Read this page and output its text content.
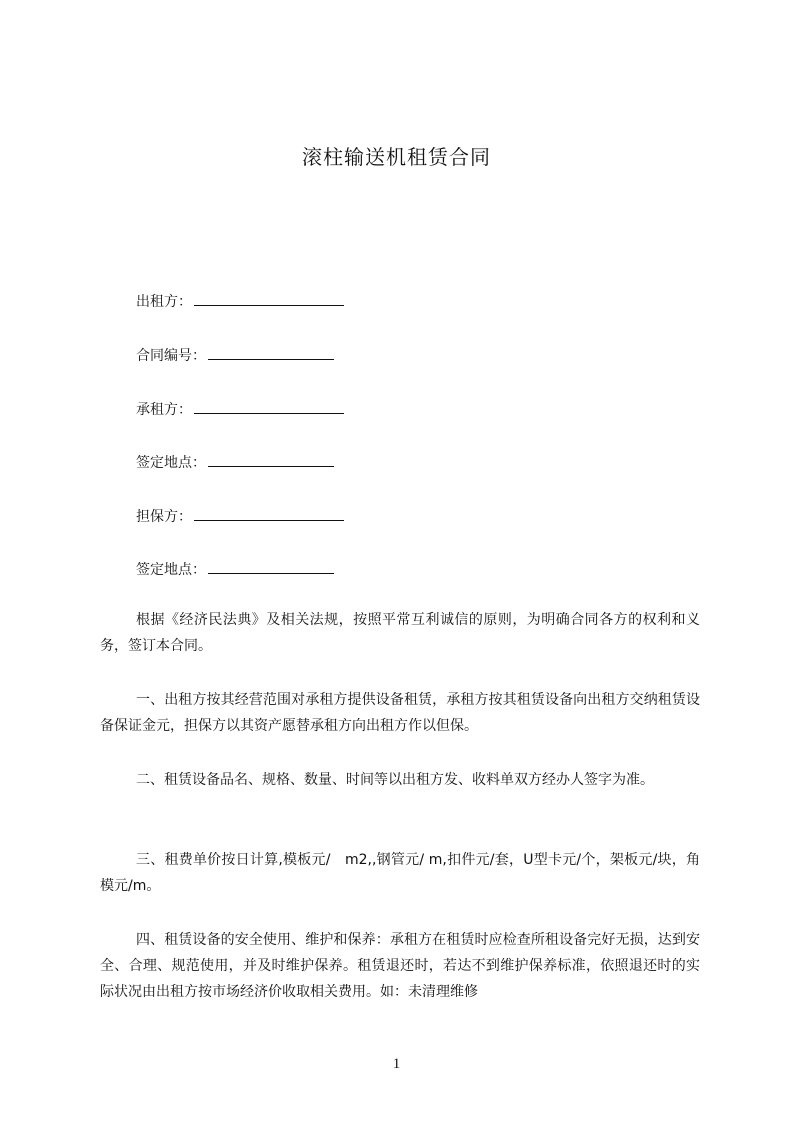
滚柱输送机租赁合同
出租方：
合同编号：
承租方：
签定地点：
担保方：
签定地点：

根据《经济民法典》及相关法规，按照平常互利诚信的原则，为明确合同各方的权利和义务，签订本合同。

一、出租方按其经营范围对承租方提供设备租赁，承租方按其租赁设备向出租方交纳租赁设备保证金元，担保方以其资产愿替承租方向出租方作以但保。

二、租赁设备品名、规格、数量、时间等以出租方发、收料单双方经办人签字为准。

三、租费单价按日计算,模板元/　m2,,钢管元/ m,扣件元/套，U型卡元/个，架板元/块，角模元/m。

四、租赁设备的安全使用、维护和保养：承租方在租赁时应检查所租设备完好无损，达到安全、合理、规范使用，并及时维护保养。租赁退还时，若达不到维护保养标准，依照退还时的实际状况由出租方按市场经济价收取相关费用。如：未清理维修

1
